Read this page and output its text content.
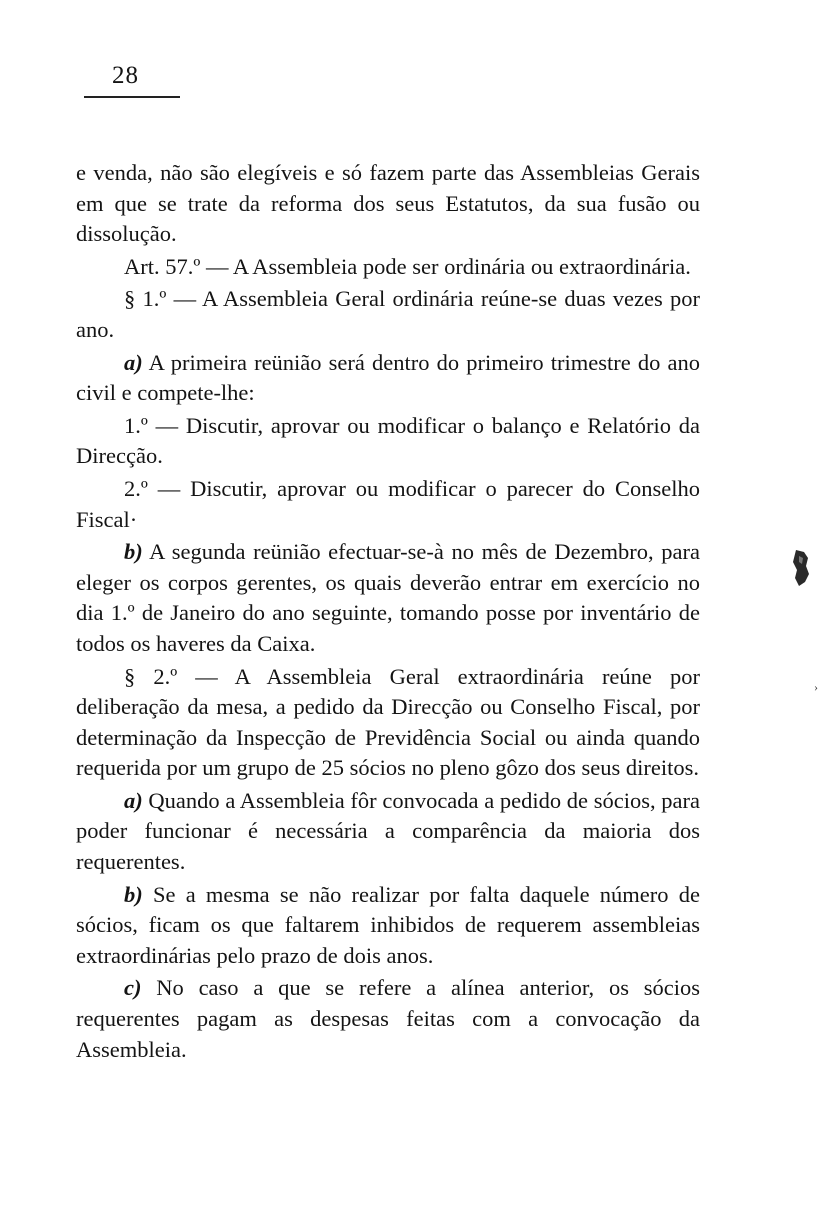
28

e venda, não são elegíveis e só fazem parte das Assembleias Gerais em que se trate da reforma dos seus Estatutos, da sua fusão ou dissolução.

Art. 57.º — A Assembleia pode ser ordinária ou extraordinária.

§ 1.º — A Assembleia Geral ordinária reúne-se duas vezes por ano.

a) A primeira reünião será dentro do primeiro trimestre do ano civil e compete-lhe:

1.º — Discutir, aprovar ou modificar o balanço e Relatório da Direcção.

2.º — Discutir, aprovar ou modificar o parecer do Conselho Fiscal·

b) A segunda reünião efectuar-se-à no mês de Dezembro, para eleger os corpos gerentes, os quais deverão entrar em exercício no dia 1.º de Janeiro do ano seguinte, tomando posse por inventário de todos os haveres da Caixa.

§ 2.º — A Assembleia Geral extraordinária reúne por deliberação da mesa, a pedido da Direcção ou Conselho Fiscal, por determinação da Inspecção de Previdência Social ou ainda quando requerida por um grupo de 25 sócios no pleno gôzo dos seus direitos.

a) Quando a Assembleia fôr convocada a pedido de sócios, para poder funcionar é necessária a comparência da maioria dos requerentes.

b) Se a mesma se não realizar por falta daquele número de sócios, ficam os que faltarem inhibidos de requerem assembleias extraordinárias pelo prazo de dois anos.

c) No caso a que se refere a alínea anterior, os sócios requerentes pagam as despesas feitas com a convocação da Assembleia.

›
